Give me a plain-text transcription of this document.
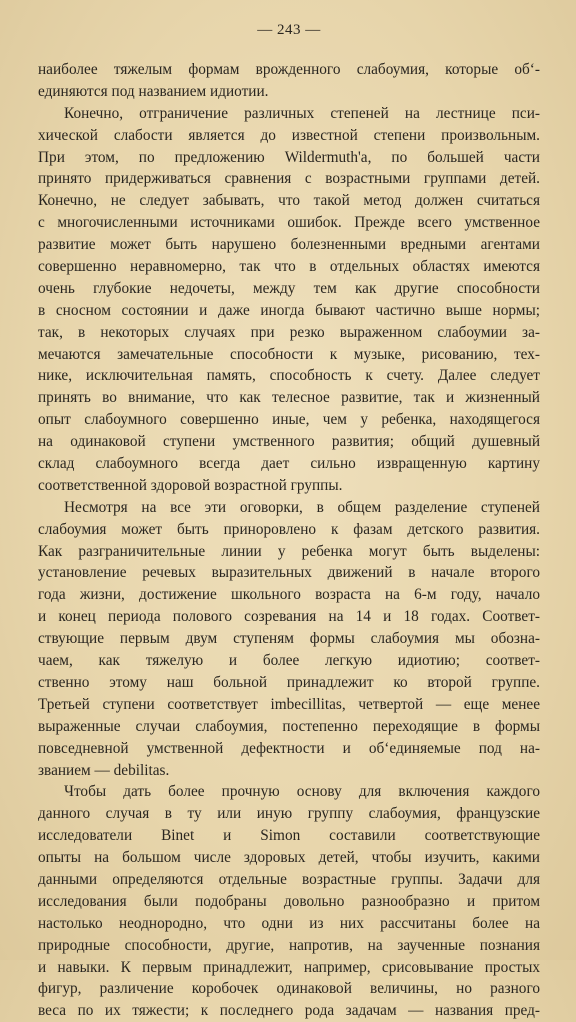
— 243 —
наиболее тяжелым формам врожденного слабоумия, которые об‘-
единяются под названием идиотии.
Конечно, отграничение различных степеней на лестнице пси-
хической слабости является до известной степени произвольным.
При этом, по предложению Wildermuth'a, по большей части
принято придерживаться сравнения с возрастными группами детей.
Конечно, не следует забывать, что такой метод должен считаться
с многочисленными источниками ошибок. Прежде всего умственное
развитие может быть нарушено болезненными вредными агентами
совершенно неравномерно, так что в отдельных областях имеются
очень глубокие недочеты, между тем как другие способности
в сносном состоянии и даже иногда бывают частично выше нормы;
так, в некоторых случаях при резко выраженном слабоумии за-
мечаются замечательные способности к музыке, рисованию, тех-
нике, исключительная память, способность к счету. Далее следует
принять во внимание, что как телесное развитие, так и жизненный
опыт слабоумного совершенно иные, чем у ребенка, находящегося
на одинаковой ступени умственного развития; общий душевный
склад слабоумного всегда дает сильно извращенную картину
соответственной здоровой возрастной группы.
Несмотря на все эти оговорки, в общем разделение ступеней
слабоумия может быть приноровлено к фазам детского развития.
Как разграничительные линии у ребенка могут быть выделены:
установление речевых выразительных движений в начале второго
года жизни, достижение школьного возраста на 6-м году, начало
и конец периода полового созревания на 14 и 18 годах. Соответ-
ствующие первым двум ступеням формы слабоумия мы обозна-
чаем, как тяжелую и более легкую идиотию; соответ-
ственно этому наш больной принадлежит ко второй группе.
Третьей ступени соответствует imbecillitas, четвертой — еще менее
выраженные случаи слабоумия, постепенно переходящие в формы
повседневной умственной дефектности и об‘единяемые под на-
званием — debilitas.
Чтобы дать более прочную основу для включения каждого
данного случая в ту или иную группу слабоумия, французские
исследователи Binet и Simon составили соответствующие
опыты на большом числе здоровых детей, чтобы изучить, какими
данными определяются отдельные возрастные группы. Задачи для
исследования были подобраны довольно разнообразно и притом
настолько неоднородно, что одни из них рассчитаны более на
природные способности, другие, напротив, на заученные познания
и навыки. К первым принадлежит, например, срисовывание простых
фигур, различение коробочек одинаковой величины, но разного
веса по их тяжести; к последнего рода задачам — названия пред-
